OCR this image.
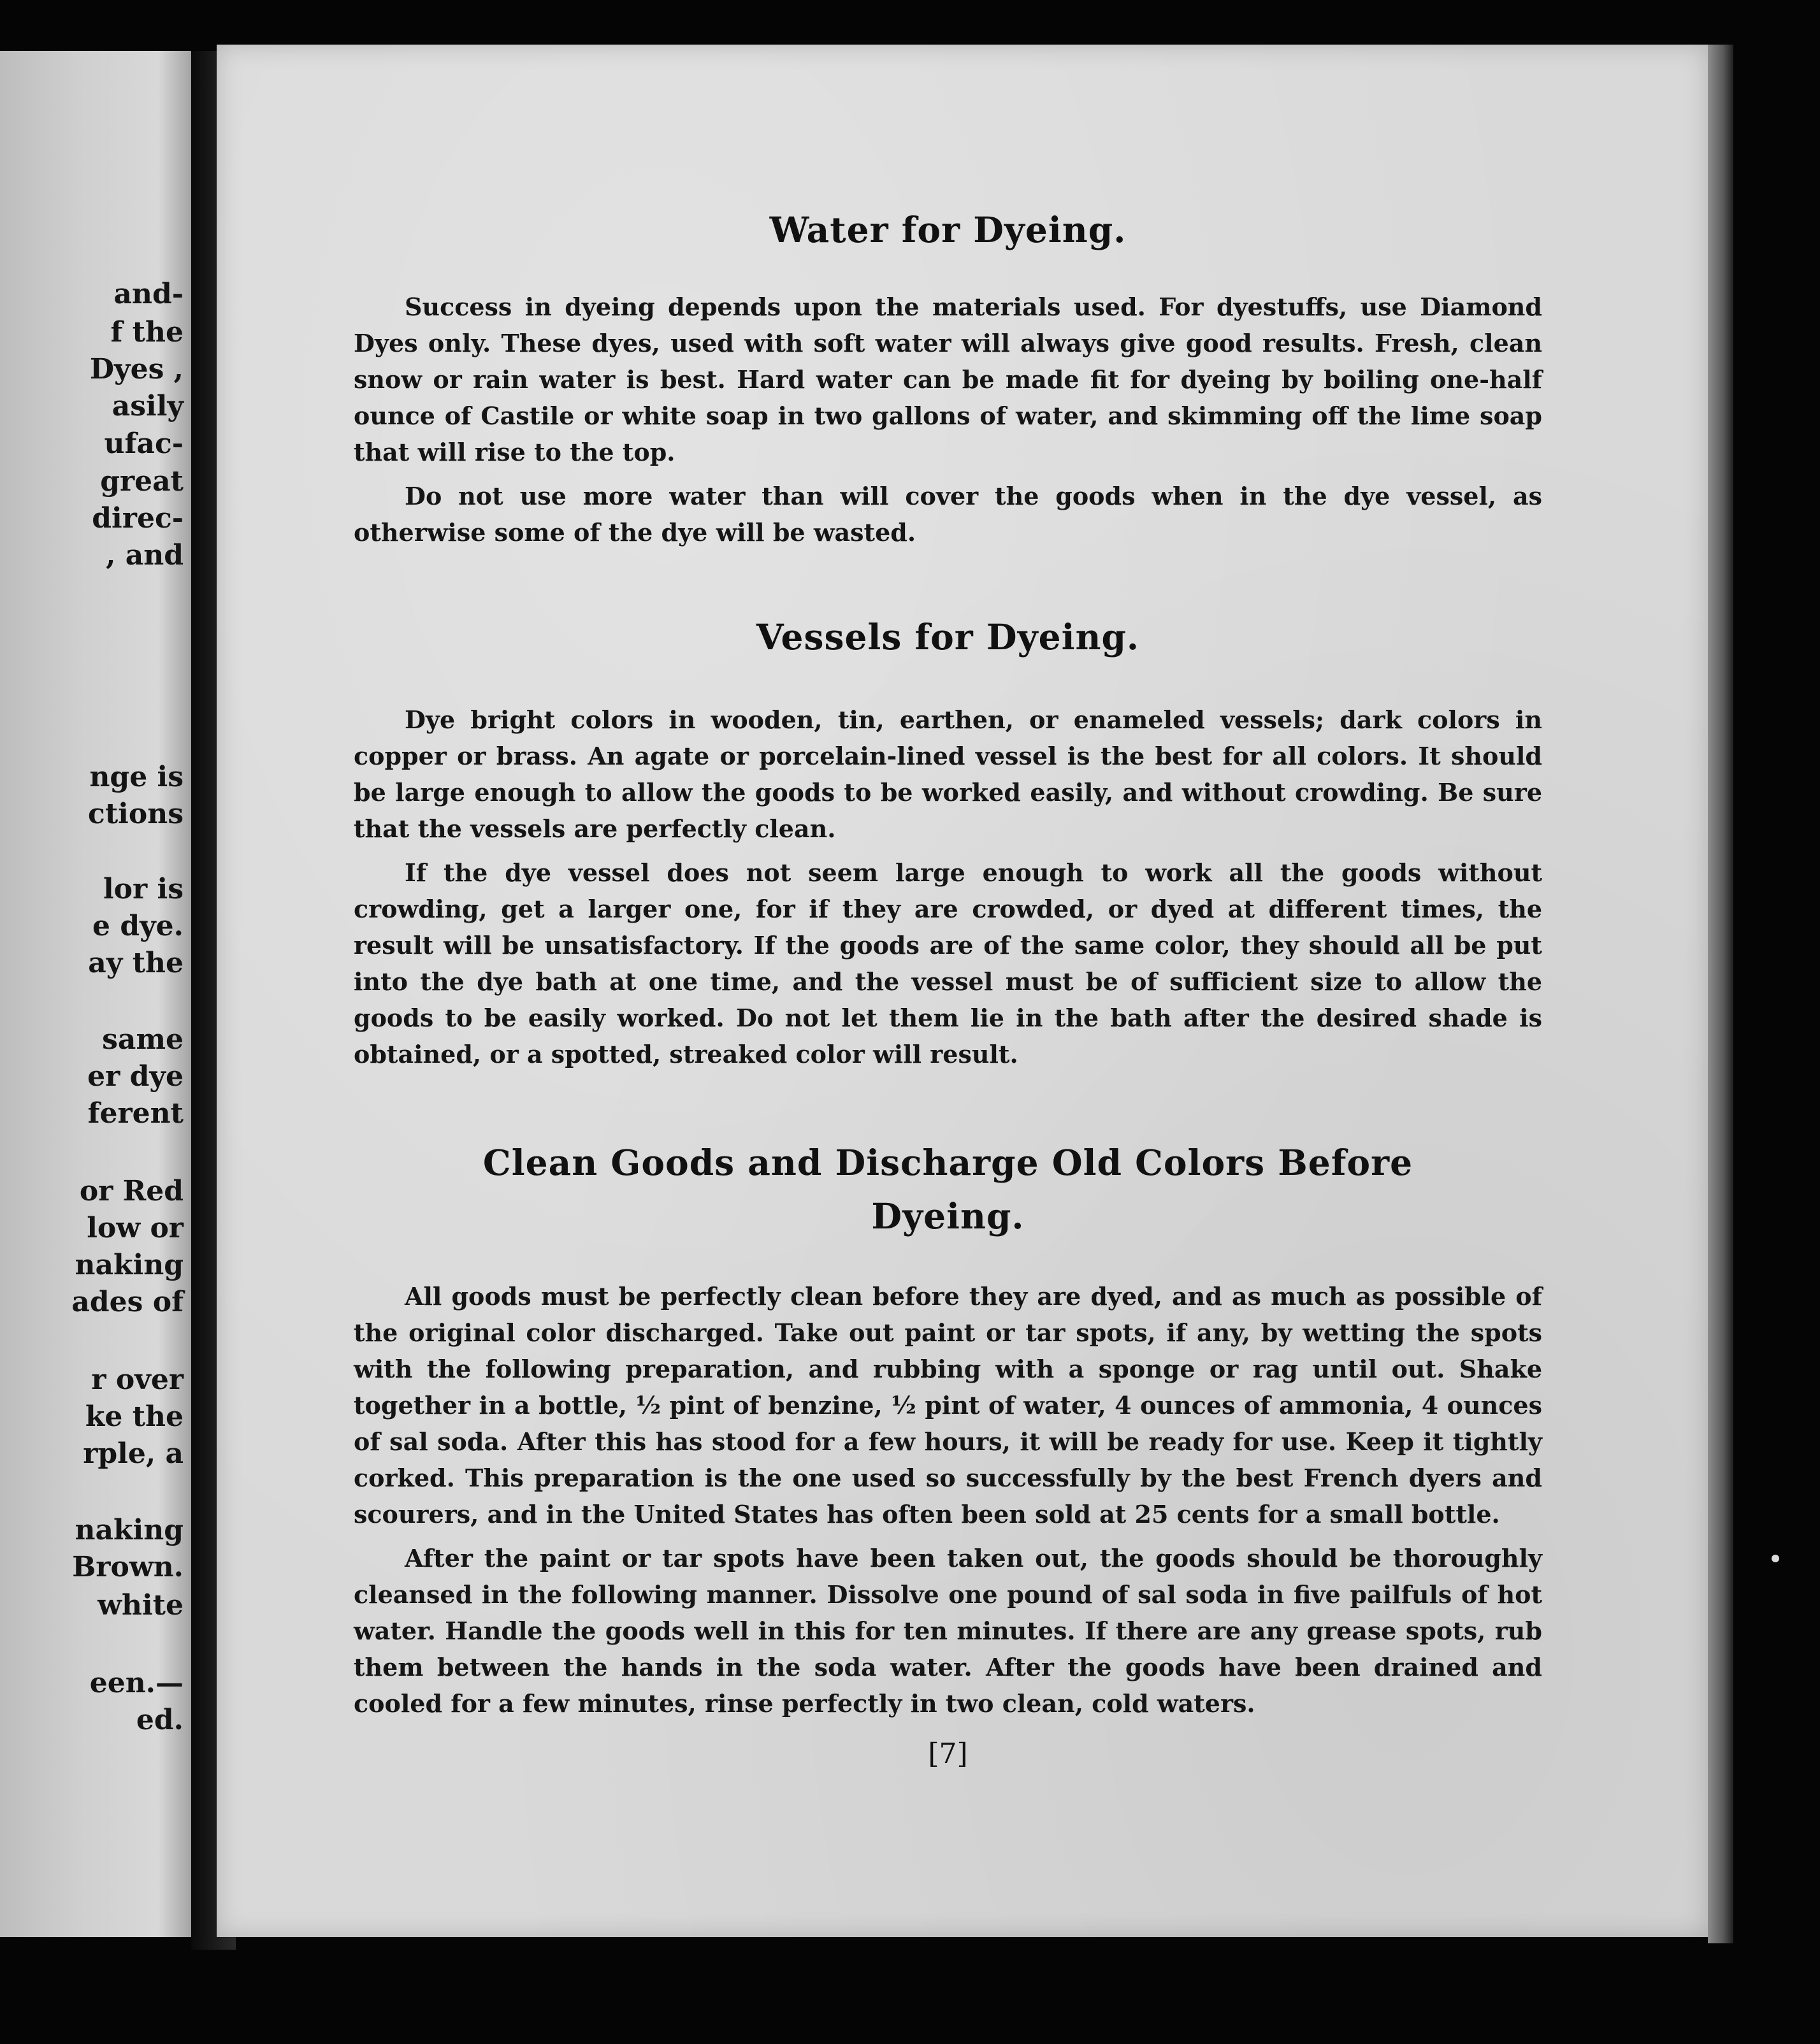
and-
f the
Dyes ,
asily
ufac-
great
direc-
, and
nge is
ctions
lor is
e dye.
ay the
same
er dye
ferent
or Red
low or
naking
ades of
r over
ke the
rple, a
naking
Brown.
white
een.—
ed.
Water for Dyeing.

Success in dyeing depends upon the materials used. For dyestuffs, use Diamond Dyes only. These dyes, used with soft water will always give good results. Fresh, clean snow or rain water is best. Hard water can be made fit for dyeing by boiling one-half ounce of Castile or white soap in two gallons of water, and skimming off the lime soap that will rise to the top.

Do not use more water than will cover the goods when in the dye vessel, as otherwise some of the dye will be wasted.

Vessels for Dyeing.

Dye bright colors in wooden, tin, earthen, or enameled vessels; dark colors in copper or brass. An agate or porcelain-lined vessel is the best for all colors. It should be large enough to allow the goods to be worked easily, and without crowding. Be sure that the vessels are perfectly clean.

If the dye vessel does not seem large enough to work all the goods without crowding, get a larger one, for if they are crowded, or dyed at different times, the result will be unsatisfactory. If the goods are of the same color, they should all be put into the dye bath at one time, and the vessel must be of sufficient size to allow the goods to be easily worked. Do not let them lie in the bath after the desired shade is obtained, or a spotted, streaked color will result.

Clean Goods and Discharge Old Colors Before Dyeing.

All goods must be perfectly clean before they are dyed, and as much as possible of the original color discharged. Take out paint or tar spots, if any, by wetting the spots with the following preparation, and rubbing with a sponge or rag until out. Shake together in a bottle, ½ pint of benzine, ½ pint of water, 4 ounces of ammonia, 4 ounces of sal soda. After this has stood for a few hours, it will be ready for use. Keep it tightly corked. This preparation is the one used so successfully by the best French dyers and scourers, and in the United States has often been sold at 25 cents for a small bottle.

After the paint or tar spots have been taken out, the goods should be thoroughly cleansed in the following manner. Dissolve one pound of sal soda in five pailfuls of hot water. Handle the goods well in this for ten minutes. If there are any grease spots, rub them between the hands in the soda water. After the goods have been drained and cooled for a few minutes, rinse perfectly in two clean, cold waters.

[7]
